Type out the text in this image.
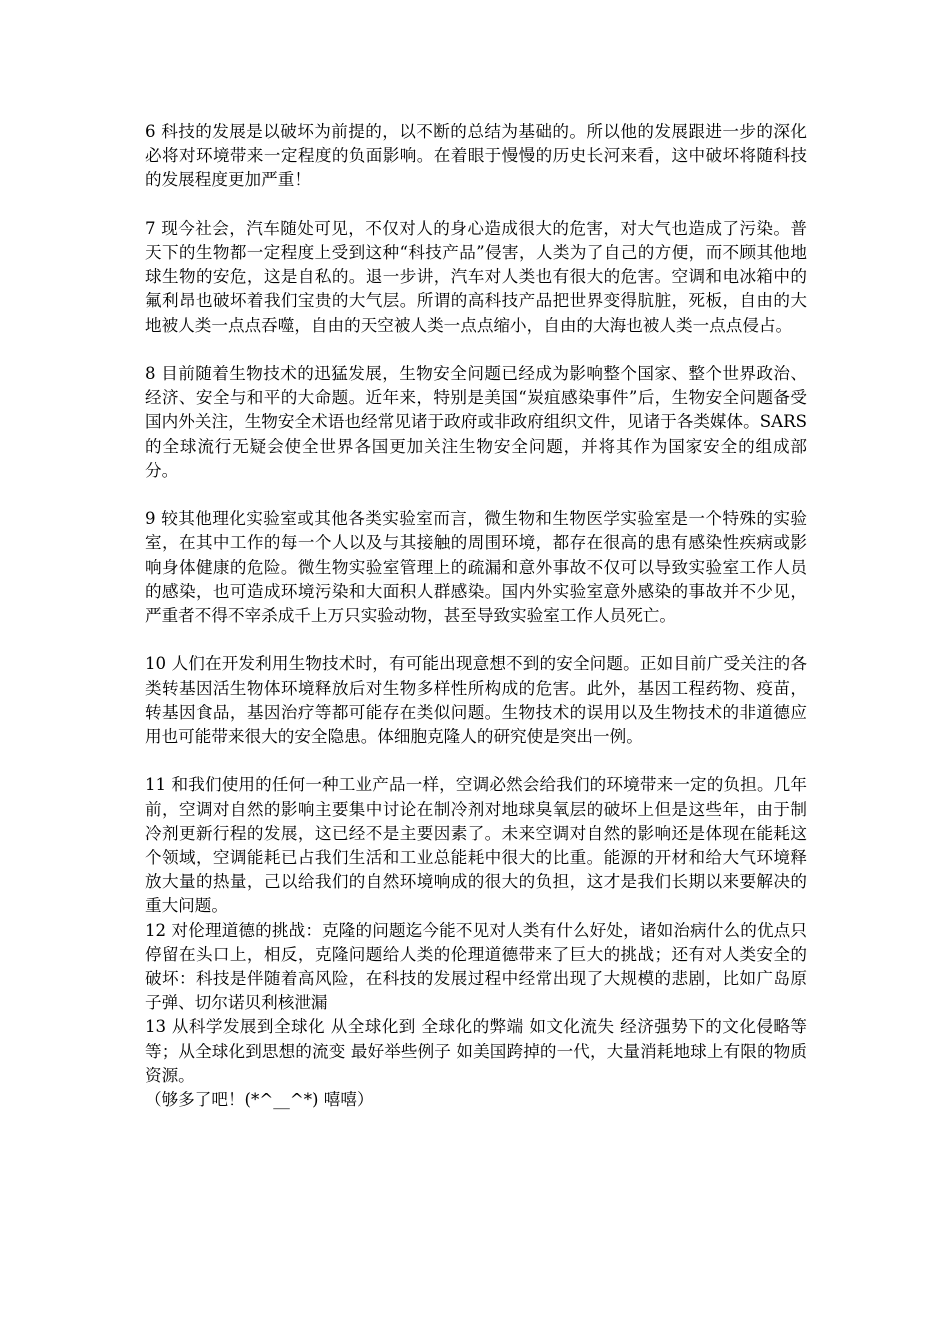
6 科技的发展是以破坏为前提的，以不断的总结为基础的。所以他的发展跟进一步的深化必将对环境带来一定程度的负面影响。在着眼于慢慢的历史长河来看，这中破坏将随科技的发展程度更加严重！

7 现今社会，汽车随处可见，不仅对人的身心造成很大的危害，对大气也造成了污染。普天下的生物都一定程度上受到这种“科技产品”侵害，人类为了自己的方便，而不顾其他地球生物的安危，这是自私的。退一步讲，汽车对人类也有很大的危害。空调和电冰箱中的氟利昂也破坏着我们宝贵的大气层。所谓的高科技产品把世界变得肮脏，死板，自由的大地被人类一点点吞噬，自由的天空被人类一点点缩小，自由的大海也被人类一点点侵占。

8 目前随着生物技术的迅猛发展，生物安全问题已经成为影响整个国家、整个世界政治、经济、安全与和平的大命题。近年来，特别是美国“炭疽感染事件”后，生物安全问题备受国内外关注，生物安全术语也经常见诸于政府或非政府组织文件，见诸于各类媒体。SARS 的全球流行无疑会使全世界各国更加关注生物安全问题，并将其作为国家安全的组成部分。

9 较其他理化实验室或其他各类实验室而言，微生物和生物医学实验室是一个特殊的实验室，在其中工作的每一个人以及与其接触的周围环境，都存在很高的患有感染性疾病或影响身体健康的危险。微生物实验室管理上的疏漏和意外事故不仅可以导致实验室工作人员的感染，也可造成环境污染和大面积人群感染。国内外实验室意外感染的事故并不少见，严重者不得不宰杀成千上万只实验动物，甚至导致实验室工作人员死亡。

10 人们在开发利用生物技术时，有可能出现意想不到的安全问题。正如目前广受关注的各类转基因活生物体环境释放后对生物多样性所构成的危害。此外，基因工程药物、疫苗，转基因食品，基因治疗等都可能存在类似问题。生物技术的误用以及生物技术的非道德应用也可能带来很大的安全隐患。体细胞克隆人的研究使是突出一例。

11 和我们使用的任何一种工业产品一样，空调必然会给我们的环境带来一定的负担。几年前，空调对自然的影响主要集中讨论在制冷剂对地球臭氧层的破坏上但是这些年，由于制冷剂更新行程的发展，这已经不是主要因素了。未来空调对自然的影响还是体现在能耗这个领域，空调能耗已占我们生活和工业总能耗中很大的比重。能源的开材和给大气环境释放大量的热量，己以给我们的自然环境响成的很大的负担，这才是我们长期以来要解决的重大问题。

12 对伦理道德的挑战：克隆的问题迄今能不见对人类有什么好处，诸如治病什么的优点只停留在头口上，相反，克隆问题给人类的伦理道德带来了巨大的挑战；还有对人类安全的破坏：科技是伴随着高风险，在科技的发展过程中经常出现了大规模的悲剧，比如广岛原子弹、切尔诺贝利核泄漏

13 从科学发展到全球化 从全球化到 全球化的弊端 如文化流失 经济强势下的文化侵略等等；从全球化到思想的流变 最好举些例子 如美国跨掉的一代，大量消耗地球上有限的物质资源。

（够多了吧！(*^__^*) 嘻嘻）
